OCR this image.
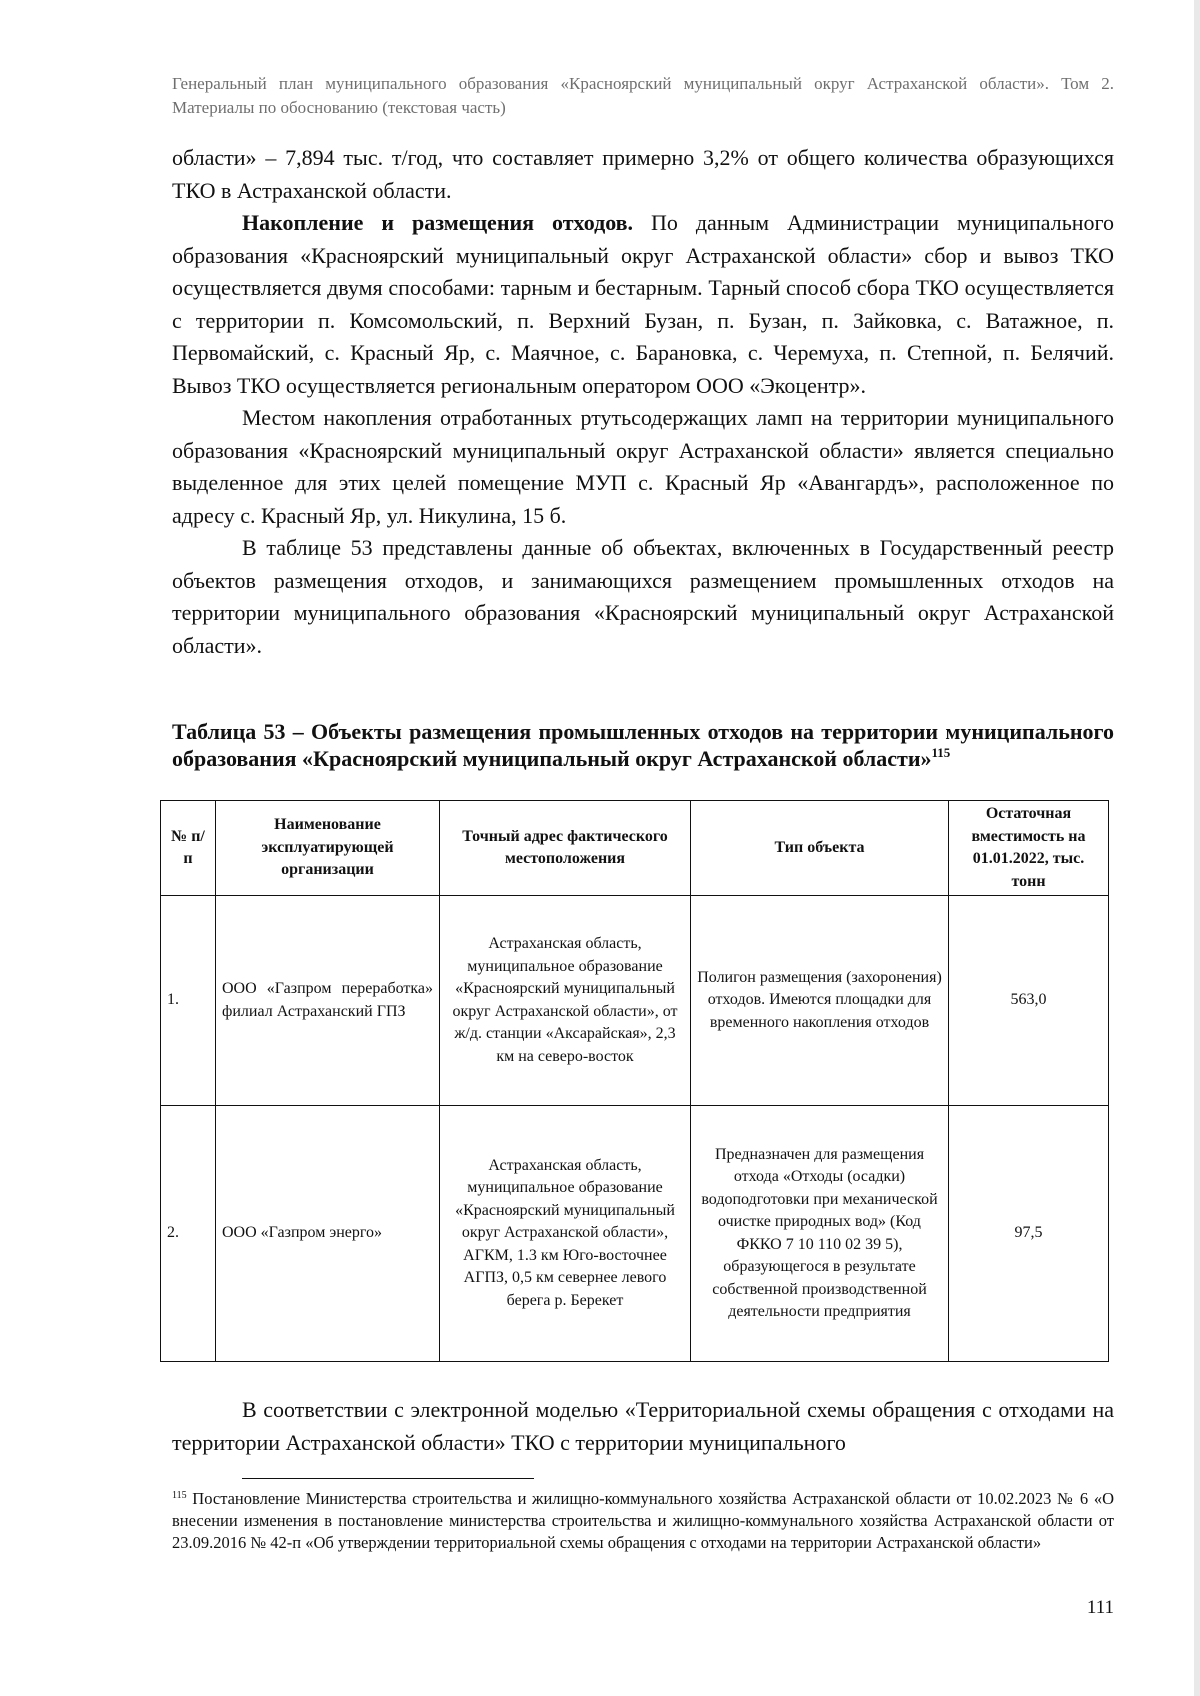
Генеральный план муниципального образования «Красноярский муниципальный округ Астраханской области». Том 2. Материалы по обоснованию (текстовая часть)

области» – 7,894 тыс. т/год, что составляет примерно 3,2% от общего количества образующихся ТКО в Астраханской области.

Накопление и размещения отходов. По данным Администрации муниципального образования «Красноярский муниципальный округ Астраханской области» сбор и вывоз ТКО осуществляется двумя способами: тарным и бестарным. Тарный способ сбора ТКО осуществляется с территории п. Комсомольский, п. Верхний Бузан, п. Бузан, п. Зайковка, с. Ватажное, п. Первомайский, с. Красный Яр, с. Маячное, с. Барановка, с. Черемуха, п. Степной, п. Белячий. Вывоз ТКО осуществляется региональным оператором ООО «Экоцентр».

Местом накопления отработанных ртутьсодержащих ламп на территории муниципального образования «Красноярский муниципальный округ Астраханской области» является специально выделенное для этих целей помещение МУП с. Красный Яр «Авангардъ», расположенное по адресу с. Красный Яр, ул. Никулина, 15 б.

В таблице 53 представлены данные об объектах, включенных в Государственный реестр объектов размещения отходов, и занимающихся размещением промышленных отходов на территории муниципального образования «Красноярский муниципальный округ Астраханской области».

Таблица 53 – Объекты размещения промышленных отходов на территории муниципального образования «Красноярский муниципальный округ Астраханской области»$^{115}$
№ п/п	Наименование эксплуатирующей организации	Точный адрес фактического местоположения	Тип объекта	Остаточная вместимость на 01.01.2022, тыс. тонн
1.	ООО «Газпром переработка» филиал Астраханский ГПЗ	Астраханская область, муниципальное образование «Красноярский муниципальный округ Астраханской области», от ж/д. станции «Аксарайская», 2,3 км на северо-восток	Полигон размещения (захоронения) отходов. Имеются площадки для временного накопления отходов	563,0
2.	ООО «Газпром энерго»	Астраханская область, муниципальное образование «Красноярский муниципальный округ Астраханской области», АГКМ, 1.3 км Юго-восточнее АГПЗ, 0,5 км севернее левого берега р. Берекет	Предназначен для размещения отхода «Отходы (осадки) водоподготовки при механической очистке природных вод» (Код ФККО 7 10 110 02 39 5), образующегося в результате собственной производственной деятельности предприятия	97,5

В соответствии с электронной моделью «Территориальной схемы обращения с отходами на территории Астраханской области» ТКО с территории муниципального

$^{115}$ Постановление Министерства строительства и жилищно-коммунального хозяйства Астраханской области от 10.02.2023 № 6 «О внесении изменения в постановление министерства строительства и жилищно-коммунального хозяйства Астраханской области от 23.09.2016 № 42-п «Об утверждении территориальной схемы обращения с отходами на территории Астраханской области»
111
